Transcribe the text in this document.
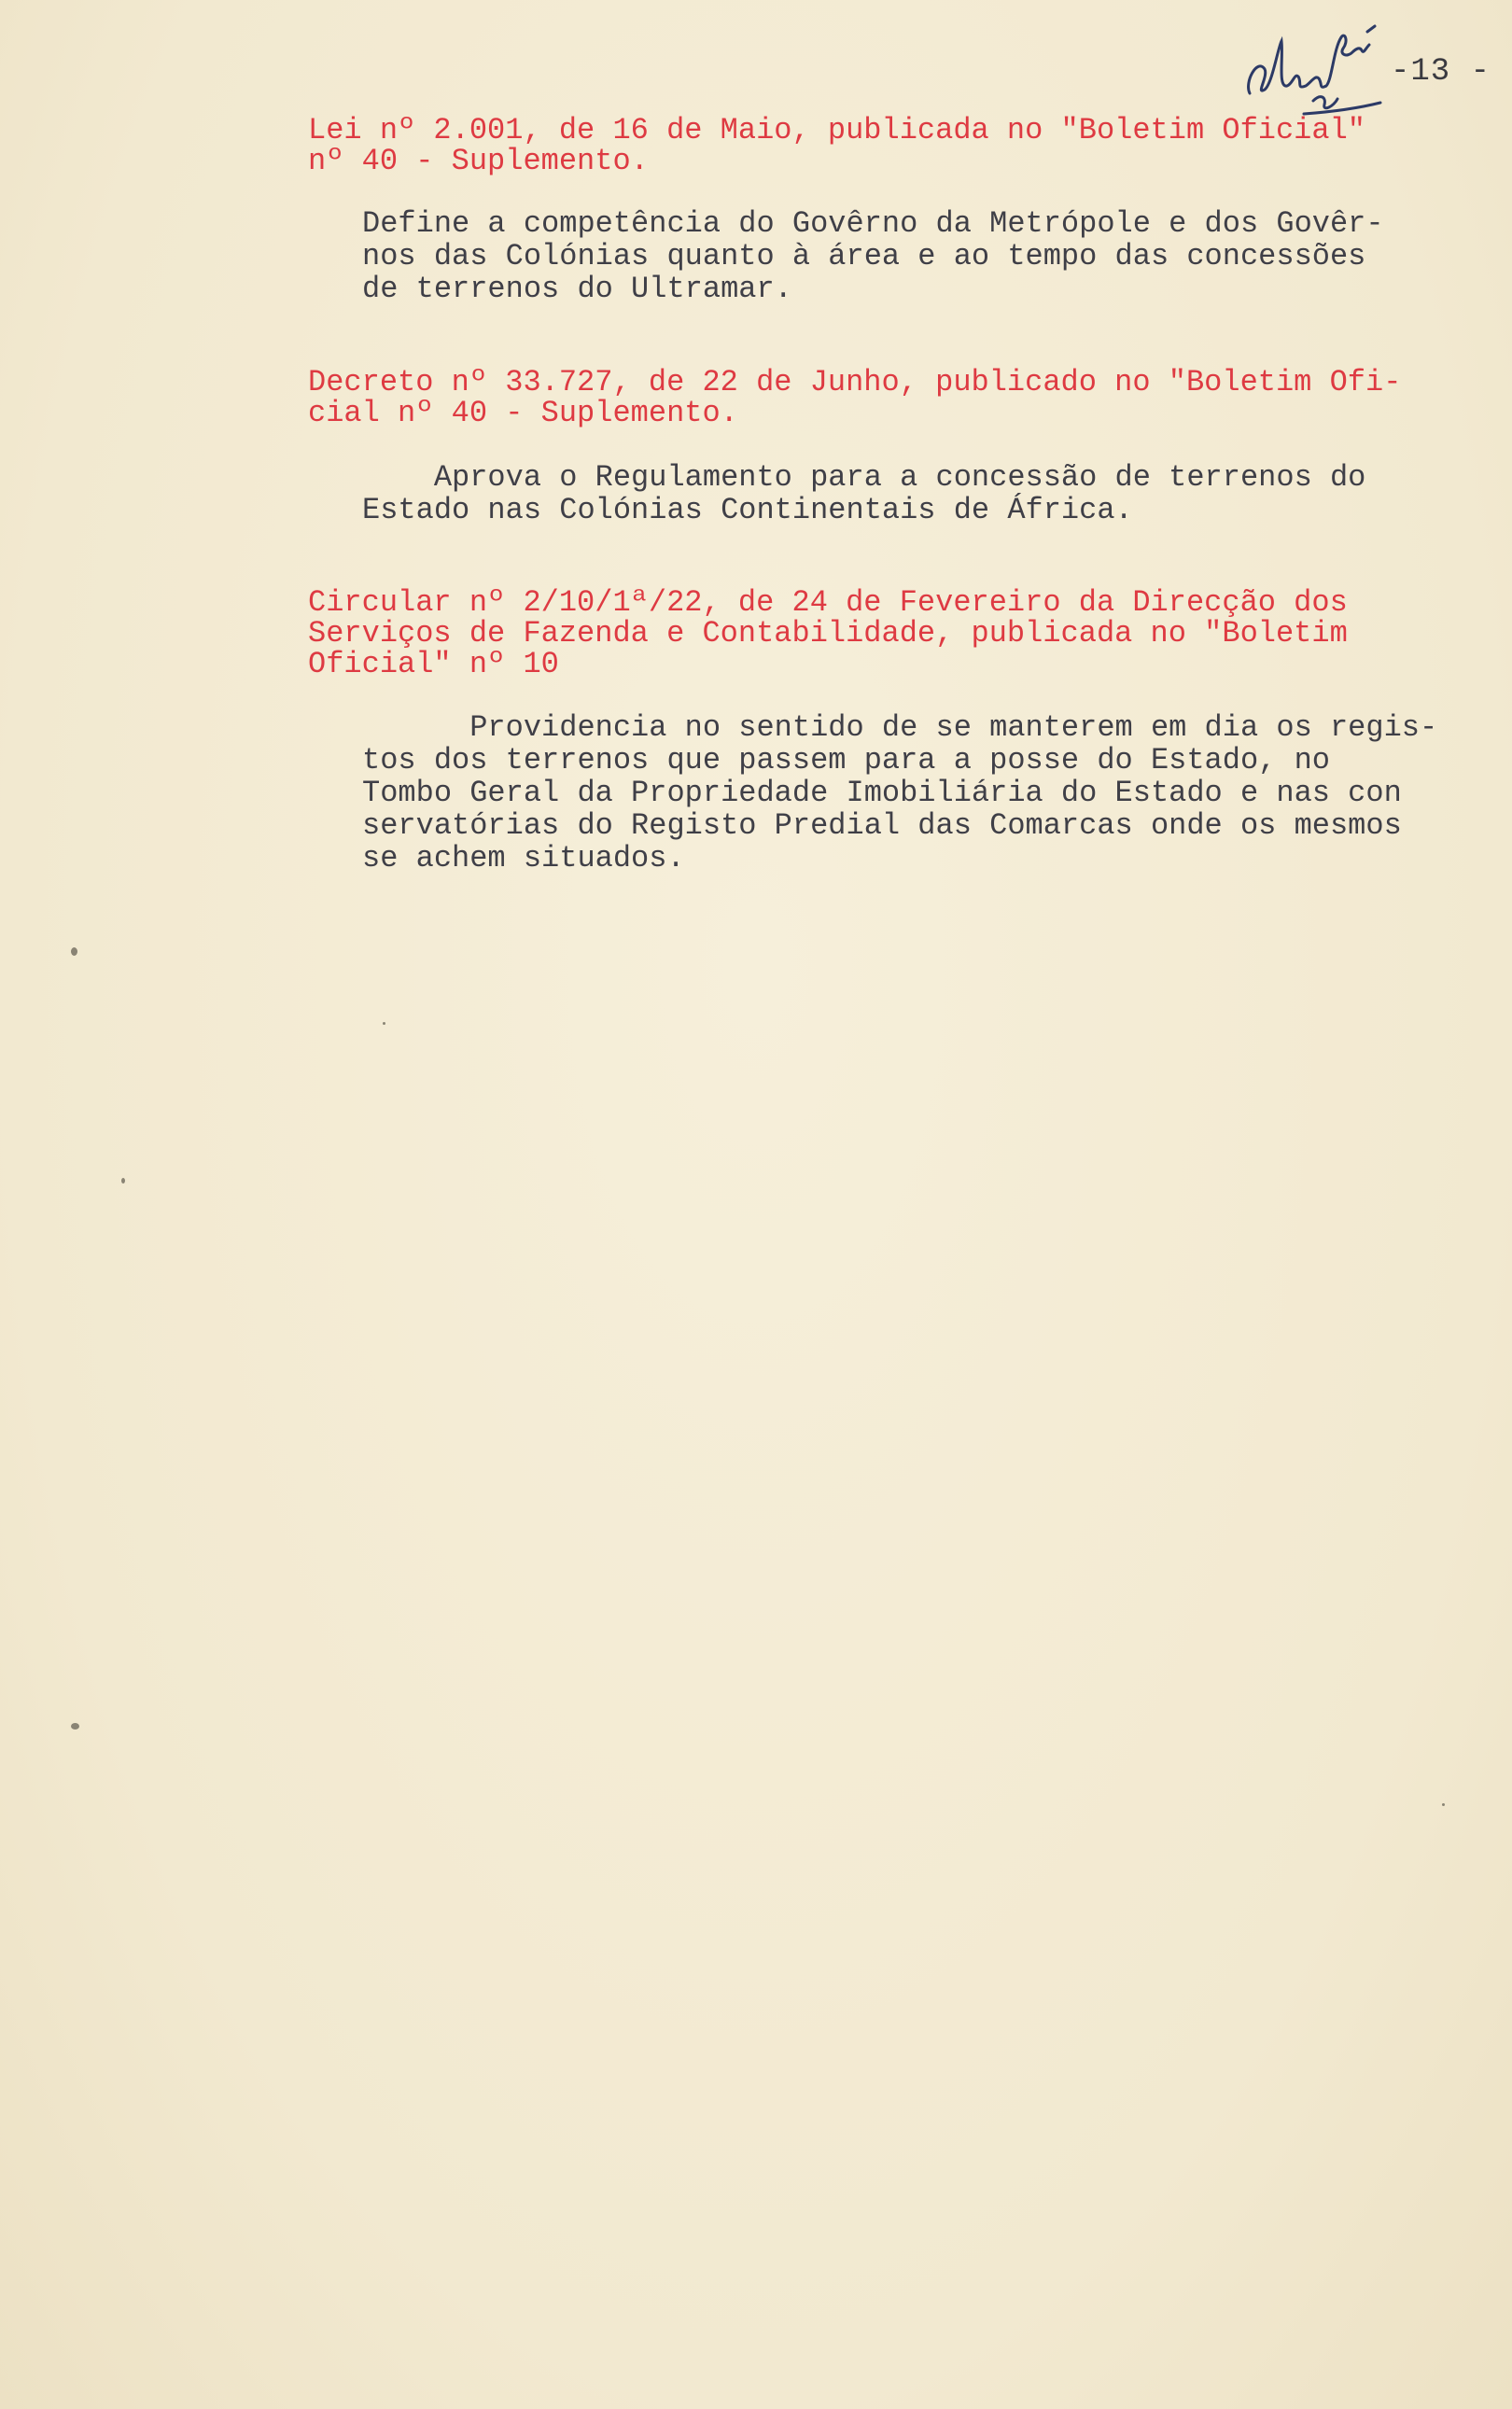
-13 -
Lei nº 2.001, de 16 de Maio, publicada no "Boletim Oficial"
nº 40 - Suplemento.
Define a competência do Govêrno da Metrópole e dos Govêr-
nos das Colónias quanto à área e ao tempo das concessões
de terrenos do Ultramar.
Decreto nº 33.727, de 22 de Junho, publicado no "Boletim Ofi-
cial nº 40 - Suplemento.
Aprova o Regulamento para a concessão de terrenos do
Estado nas Colónias Continentais de África.
Circular nº 2/10/1ª/22, de 24 de Fevereiro da Direcção dos
Serviços de Fazenda e Contabilidade, publicada no "Boletim
Oficial" nº 10
Providencia no sentido de se manterem em dia os regis-
tos dos terrenos que passem para a posse do Estado, no
Tombo Geral da Propriedade Imobiliária do Estado e nas con
servatórias do Registo Predial das Comarcas onde os mesmos
se achem situados.
